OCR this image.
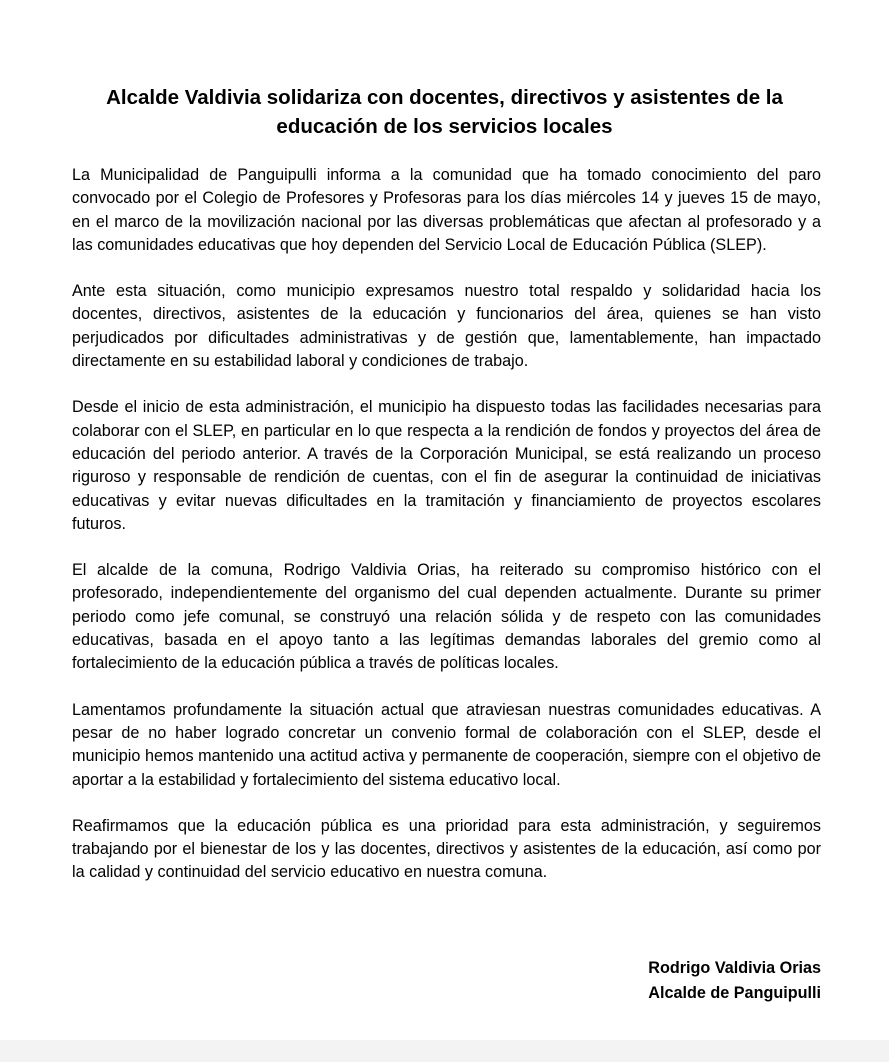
Alcalde Valdivia solidariza con docentes, directivos y asistentes de la educación de los servicios locales

La Municipalidad de Panguipulli informa a la comunidad que ha tomado conocimiento del paro convocado por el Colegio de Profesores y Profesoras para los días miércoles 14 y jueves 15 de mayo, en el marco de la movilización nacional por las diversas problemáticas que afectan al profesorado y a las comunidades educativas que hoy dependen del Servicio Local de Educación Pública (SLEP).

Ante esta situación, como municipio expresamos nuestro total respaldo y solidaridad hacia los docentes, directivos, asistentes de la educación y funcionarios del área, quienes se han visto perjudicados por dificultades administrativas y de gestión que, lamentablemente, han impactado directamente en su estabilidad laboral y condiciones de trabajo.

Desde el inicio de esta administración, el municipio ha dispuesto todas las facilidades necesarias para colaborar con el SLEP, en particular en lo que respecta a la rendición de fondos y proyectos del área de educación del periodo anterior. A través de la Corporación Municipal, se está realizando un proceso riguroso y responsable de rendición de cuentas, con el fin de asegurar la continuidad de iniciativas educativas y evitar nuevas dificultades en la tramitación y financiamiento de proyectos escolares futuros.

El alcalde de la comuna, Rodrigo Valdivia Orias, ha reiterado su compromiso histórico con el profesorado, independientemente del organismo del cual dependen actualmente. Durante su primer periodo como jefe comunal, se construyó una relación sólida y de respeto con las comunidades educativas, basada en el apoyo tanto a las legítimas demandas laborales del gremio como al fortalecimiento de la educación pública a través de políticas locales.

Lamentamos profundamente la situación actual que atraviesan nuestras comunidades educativas. A pesar de no haber logrado concretar un convenio formal de colaboración con el SLEP, desde el municipio hemos mantenido una actitud activa y permanente de cooperación, siempre con el objetivo de aportar a la estabilidad y fortalecimiento del sistema educativo local.

Reafirmamos que la educación pública es una prioridad para esta administración, y seguiremos trabajando por el bienestar de los y las docentes, directivos y asistentes de la educación, así como por la calidad y continuidad del servicio educativo en nuestra comuna.

Rodrigo Valdivia Orias
Alcalde de Panguipulli
